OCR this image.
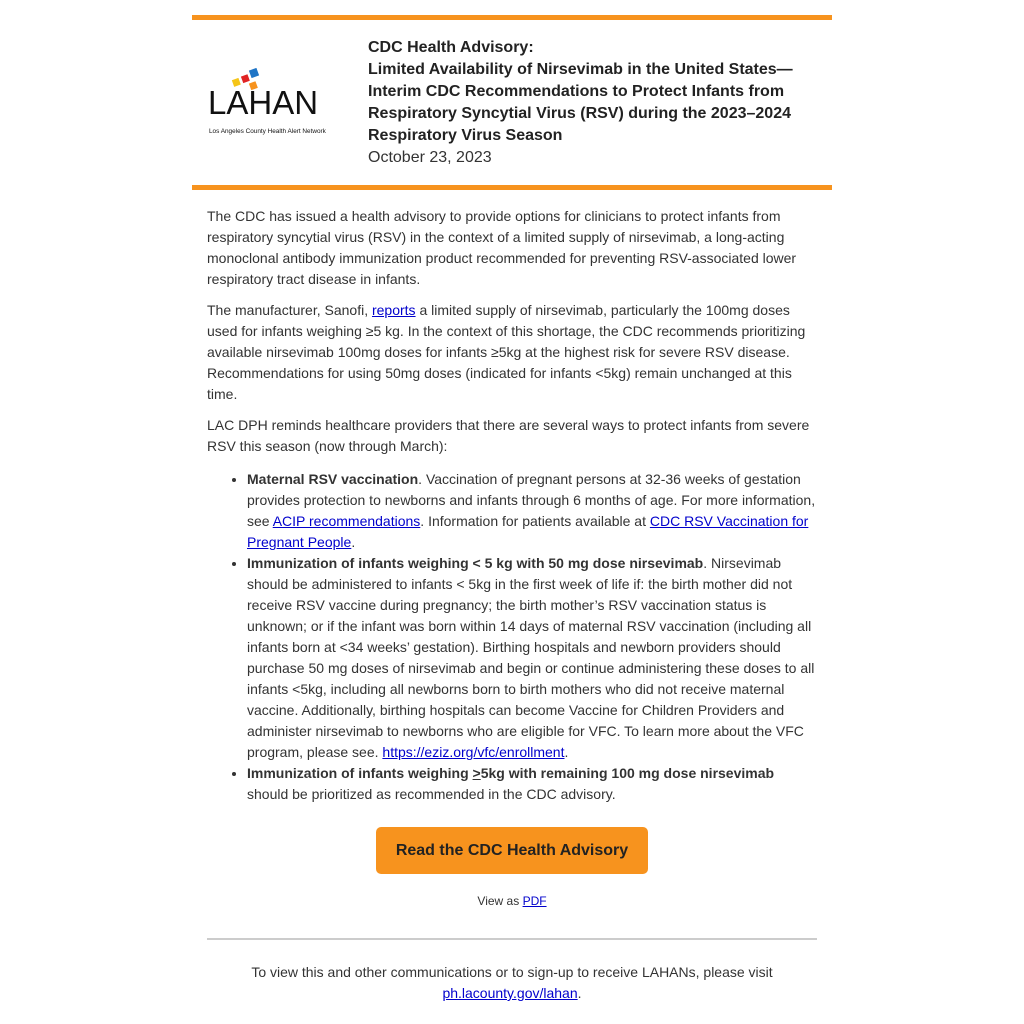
LAHAN
Los Angeles County Health Alert Network
CDC Health Advisory:
Limited Availability of Nirsevimab in the United States—Interim CDC Recommendations to Protect Infants from Respiratory Syncytial Virus (RSV) during the 2023–2024 Respiratory Virus Season
October 23, 2023

The CDC has issued a health advisory to provide options for clinicians to protect infants from respiratory syncytial virus (RSV) in the context of a limited supply of nirsevimab, a long-acting monoclonal antibody immunization product recommended for preventing RSV-associated lower respiratory tract disease in infants.

The manufacturer, Sanofi, reports a limited supply of nirsevimab, particularly the 100mg doses used for infants weighing ≥5 kg. In the context of this shortage, the CDC recommends prioritizing available nirsevimab 100mg doses for infants ≥5kg at the highest risk for severe RSV disease. Recommendations for using 50mg doses (indicated for infants <5kg) remain unchanged at this time.

LAC DPH reminds healthcare providers that there are several ways to protect infants from severe RSV this season (now through March):

• Maternal RSV vaccination. Vaccination of pregnant persons at 32-36 weeks of gestation provides protection to newborns and infants through 6 months of age. For more information, see ACIP recommendations. Information for patients available at CDC RSV Vaccination for Pregnant People.
• Immunization of infants weighing < 5 kg with 50 mg dose nirsevimab. Nirsevimab should be administered to infants < 5kg in the first week of life if: the birth mother did not receive RSV vaccine during pregnancy; the birth mother’s RSV vaccination status is unknown; or if the infant was born within 14 days of maternal RSV vaccination (including all infants born at <34 weeks’ gestation). Birthing hospitals and newborn providers should purchase 50 mg doses of nirsevimab and begin or continue administering these doses to all infants <5kg, including all newborns born to birth mothers who did not receive maternal vaccine. Additionally, birthing hospitals can become Vaccine for Children Providers and administer nirsevimab to newborns who are eligible for VFC. To learn more about the VFC program, please see. https://eziz.org/vfc/enrollment.
• Immunization of infants weighing >5kg with remaining 100 mg dose nirsevimab should be prioritized as recommended in the CDC advisory.
Read the CDC Health Advisory
View as PDF
To view this and other communications or to sign-up to receive LAHANs, please visit ph.lacounty.gov/lahan.
